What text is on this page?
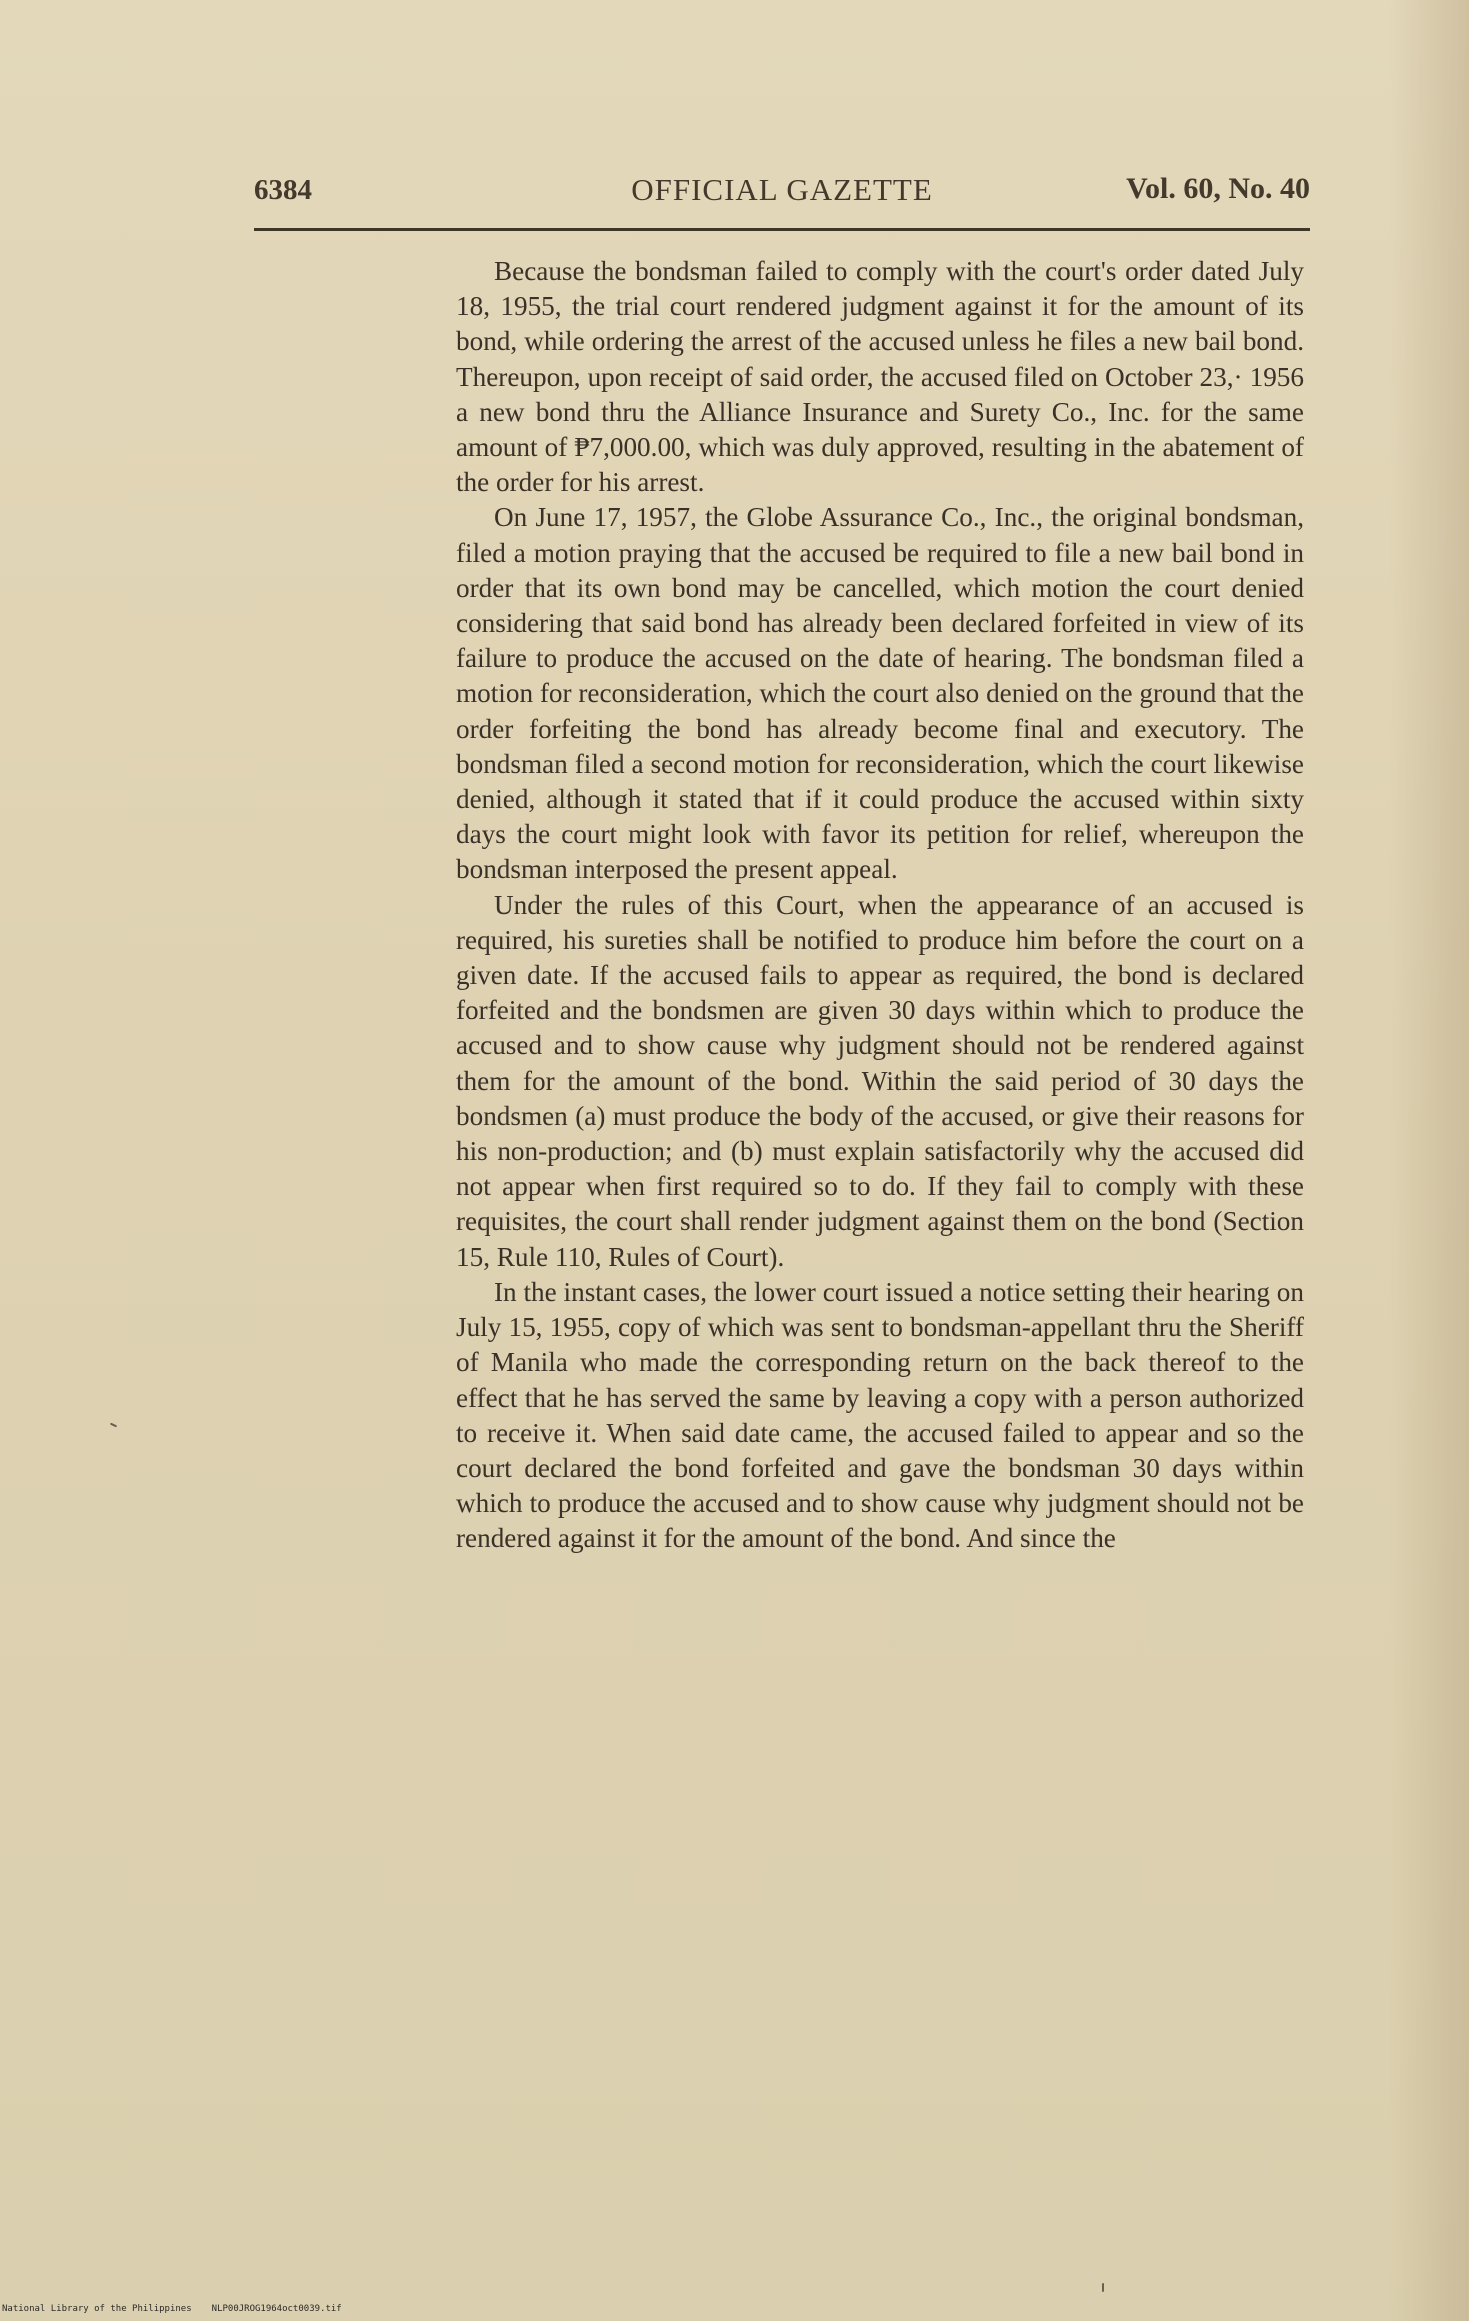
6384	OFFICIAL GAZETTE	Vol. 60, No. 40

Because the bondsman failed to comply with the court's order dated July 18, 1955, the trial court rendered judgment against it for the amount of its bond, while ordering the arrest of the accused unless he files a new bail bond. Thereupon, upon receipt of said order, the accused filed on October 23,· 1956 a new bond thru the Alliance Insurance and Surety Co., Inc. for the same amount of ₱7,000.00, which was duly approved, resulting in the abatement of the order for his arrest.

On June 17, 1957, the Globe Assurance Co., Inc., the original bondsman, filed a motion praying that the accused be required to file a new bail bond in order that its own bond may be cancelled, which motion the court denied considering that said bond has already been declared forfeited in view of its failure to produce the accused on the date of hearing. The bondsman filed a motion for reconsideration, which the court also denied on the ground that the order forfeiting the bond has already become final and executory. The bondsman filed a second motion for reconsideration, which the court likewise denied, although it stated that if it could produce the accused within sixty days the court might look with favor its petition for relief, whereupon the bondsman interposed the present appeal.

Under the rules of this Court, when the appearance of an accused is required, his sureties shall be notified to produce him before the court on a given date. If the accused fails to appear as required, the bond is declared forfeited and the bondsmen are given 30 days within which to produce the accused and to show cause why judgment should not be rendered against them for the amount of the bond. Within the said period of 30 days the bondsmen (a) must produce the body of the accused, or give their reasons for his non-production; and (b) must explain satisfactorily why the accused did not appear when first required so to do. If they fail to comply with these requisites, the court shall render judgment against them on the bond (Section 15, Rule 110, Rules of Court).

In the instant cases, the lower court issued a notice setting their hearing on July 15, 1955, copy of which was sent to bondsman-appellant thru the Sheriff of Manila who made the corresponding return on the back thereof to the effect that he has served the same by leaving a copy with a person authorized to receive it. When said date came, the accused failed to appear and so the court declared the bond forfeited and gave the bondsman 30 days within which to produce the accused and to show cause why judgment should not be rendered against it for the amount of the bond. And since the

National Library of the Philippines NLP00JROG1964oct0039.tif
